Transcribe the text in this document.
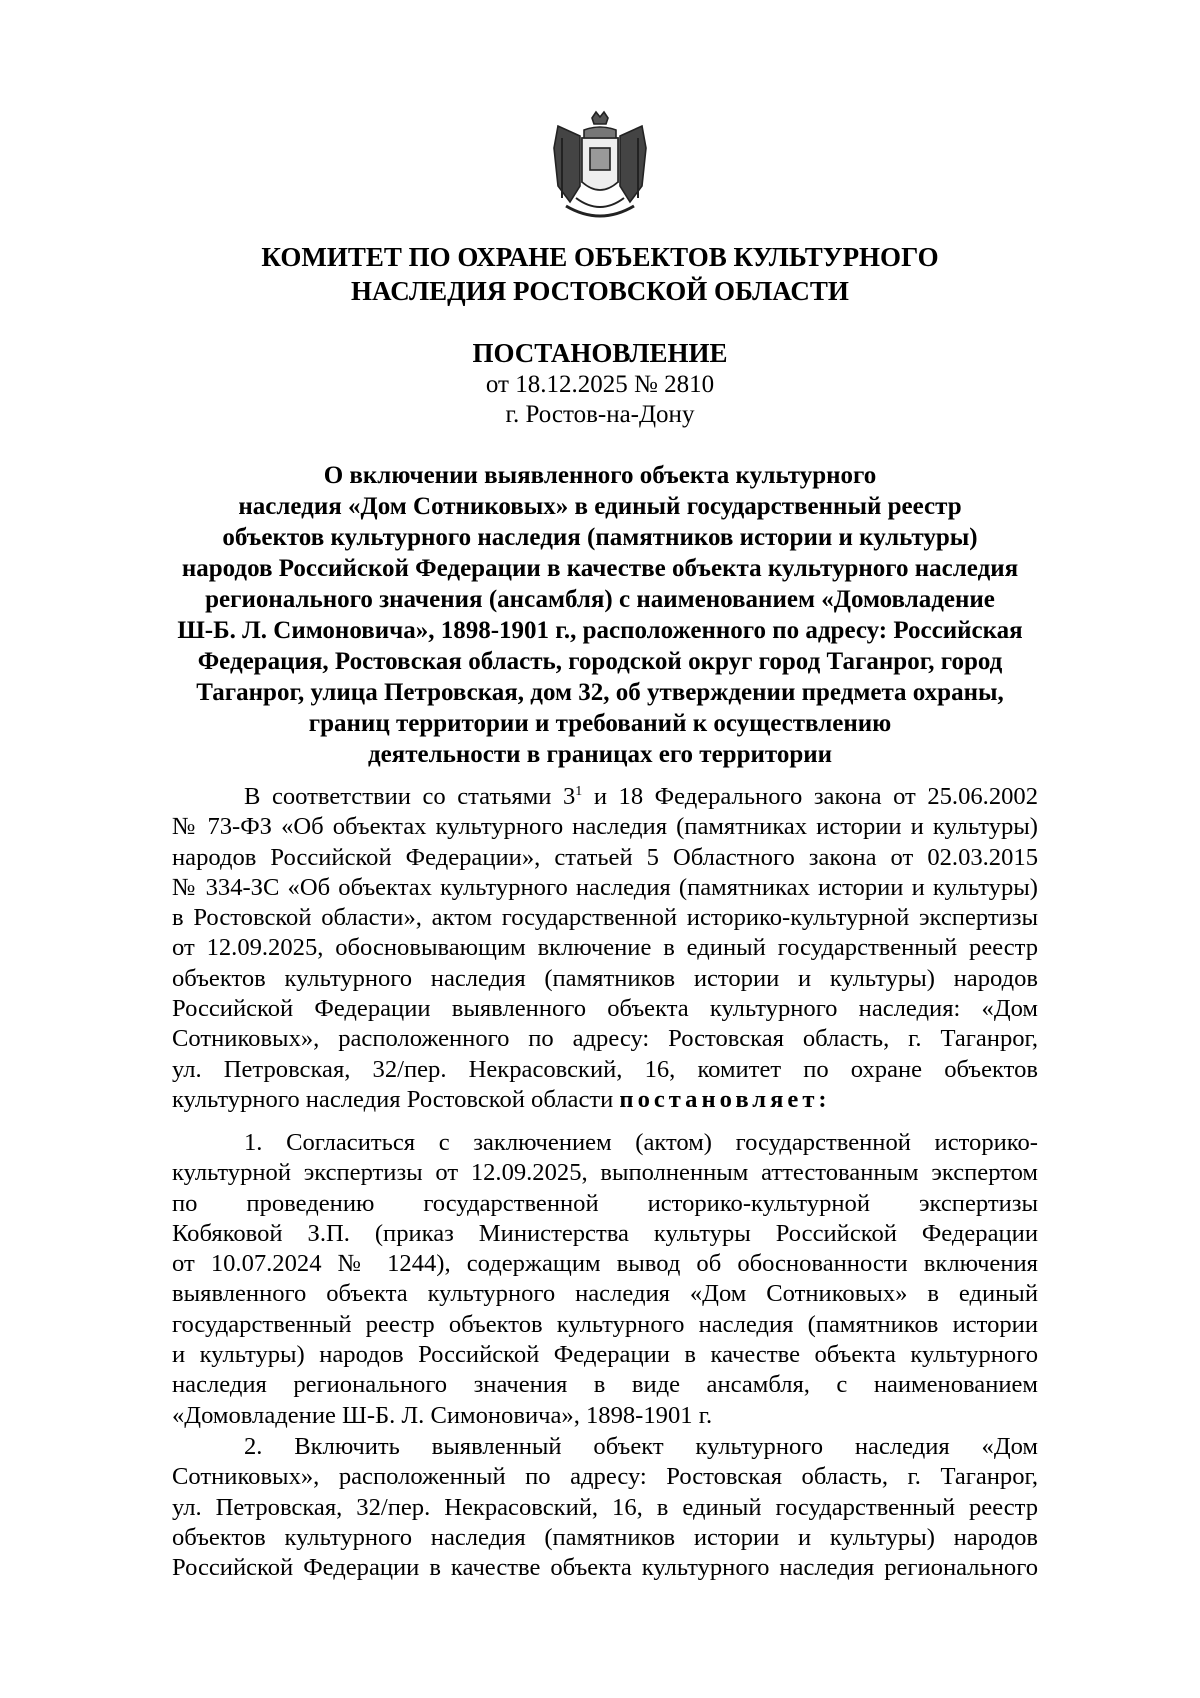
КОМИТЕТ ПО ОХРАНЕ ОБЪЕКТОВ КУЛЬТУРНОГО
НАСЛЕДИЯ РОСТОВСКОЙ ОБЛАСТИ
ПОСТАНОВЛЕНИЕ
от 18.12.2025 № 2810
г. Ростов-на-Дону
О включении выявленного объекта культурного
наследия «Дом Сотниковых» в единый государственный реестр
объектов культурного наследия (памятников истории и культуры)
народов Российской Федерации в качестве объекта культурного наследия
регионального значения (ансамбля) с наименованием «Домовладение
Ш-Б. Л. Симоновича», 1898-1901 г., расположенного по адресу: Российская
Федерация, Ростовская область, городской округ город Таганрог, город
Таганрог, улица Петровская, дом 32, об утверждении предмета охраны,
границ территории и требований к осуществлению
деятельности в границах его территории
В соответствии со статьями $3^1$ и 18 Федерального закона от 25.06.2002
№ 73-ФЗ «Об объектах культурного наследия (памятниках истории и культуры)
народов Российской Федерации», статьей 5 Областного закона от 02.03.2015
№ 334-ЗС «Об объектах культурного наследия (памятниках истории и культуры)
в Ростовской области», актом государственной историко-культурной экспертизы
от 12.09.2025, обосновывающим включение в единый государственный реестр
объектов культурного наследия (памятников истории и культуры) народов
Российской Федерации выявленного объекта культурного наследия: «Дом
Сотниковых», расположенного по адресу: Ростовская область, г. Таганрог,
ул. Петровская, 32/пер. Некрасовский, 16, комитет по охране объектов
культурного наследия Ростовской области постановляет:
1. Согласиться с заключением (актом) государственной историко-
культурной экспертизы от 12.09.2025, выполненным аттестованным экспертом
по проведению государственной историко-культурной экспертизы
Кобяковой З.П. (приказ Министерства культуры Российской Федерации
от 10.07.2024 № 1244), содержащим вывод об обоснованности включения
выявленного объекта культурного наследия «Дом Сотниковых» в единый
государственный реестр объектов культурного наследия (памятников истории
и культуры) народов Российской Федерации в качестве объекта культурного
наследия регионального значения в виде ансамбля, с наименованием
«Домовладение Ш-Б. Л. Симоновича», 1898-1901 г.
2. Включить выявленный объект культурного наследия «Дом
Сотниковых», расположенный по адресу: Ростовская область, г. Таганрог,
ул. Петровская, 32/пер. Некрасовский, 16, в единый государственный реестр
объектов культурного наследия (памятников истории и культуры) народов
Российской Федерации в качестве объекта культурного наследия регионального
